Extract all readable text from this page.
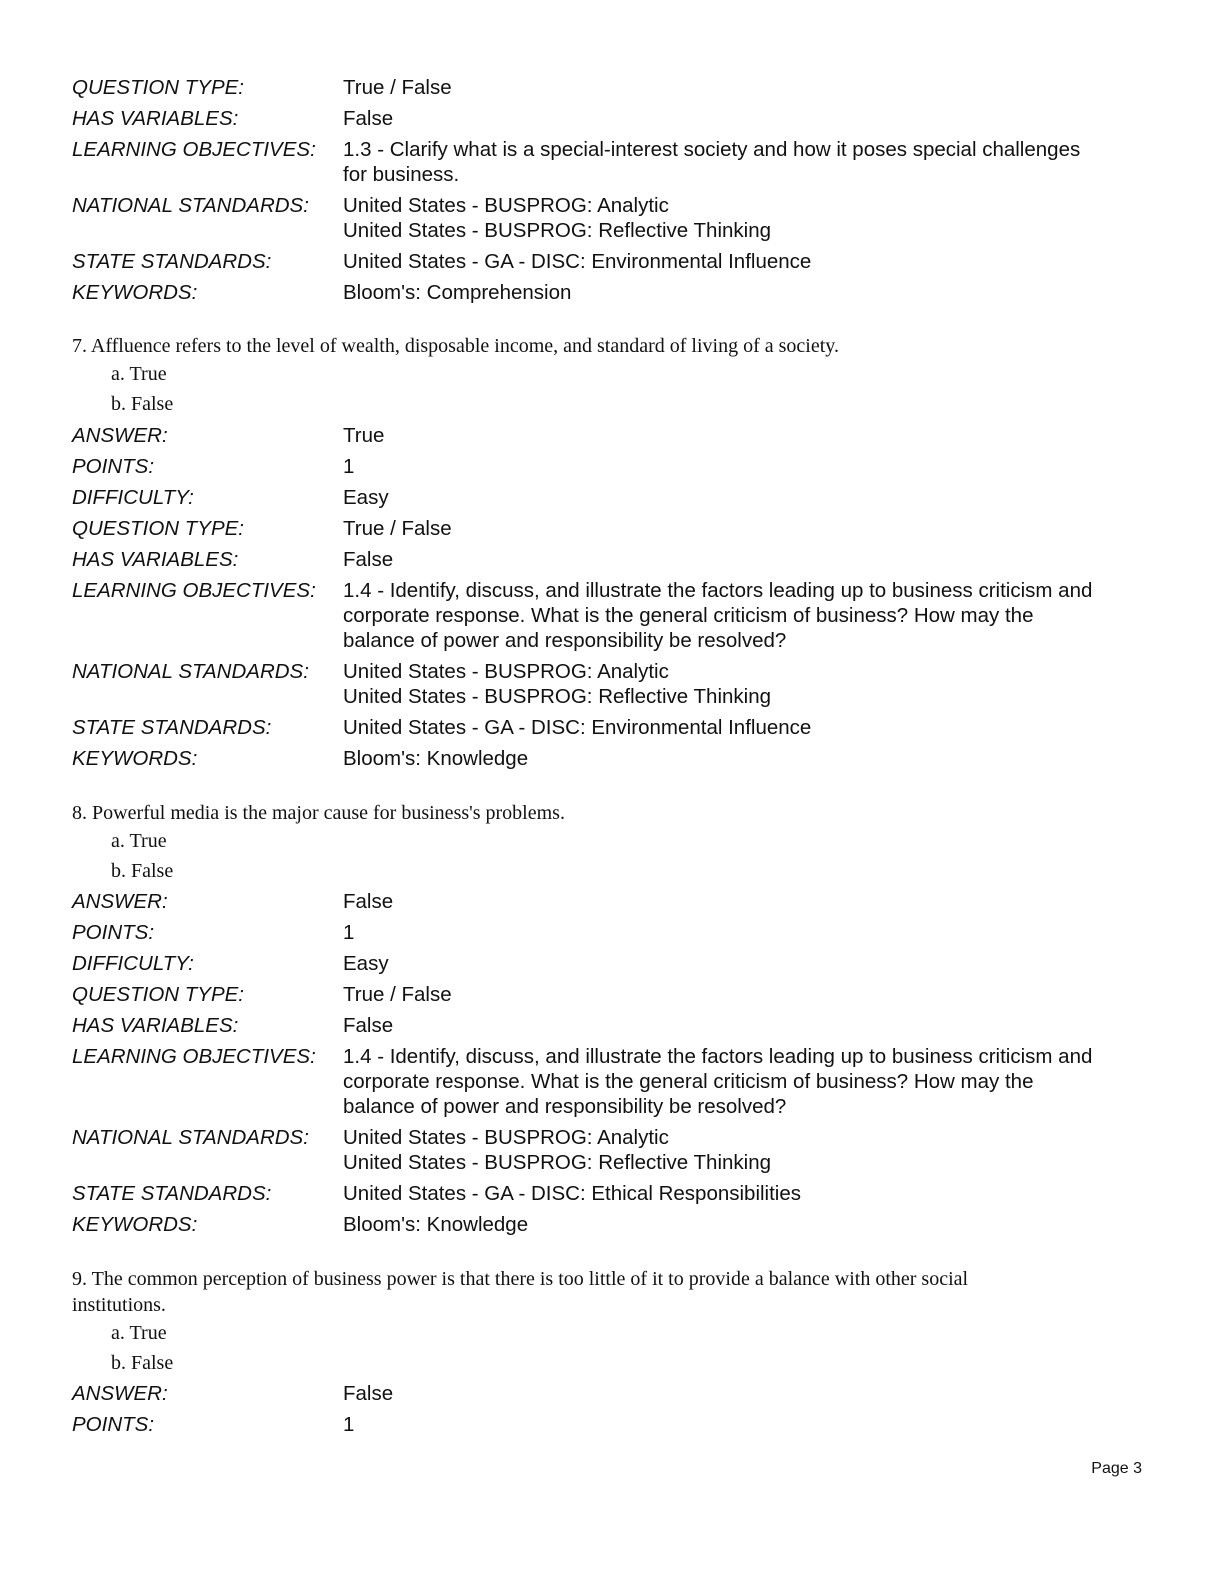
QUESTION TYPE:	True / False
HAS VARIABLES:	False
LEARNING OBJECTIVES:	1.3 - Clarify what is a special-interest society and how it poses special challenges
for business.
NATIONAL STANDARDS:	United States - BUSPROG: Analytic
United States - BUSPROG: Reflective Thinking
STATE STANDARDS:	United States - GA - DISC: Environmental Influence
KEYWORDS:	Bloom's: Comprehension
7. Affluence refers to the level of wealth, disposable income, and standard of living of a society.
a. True
b. False
ANSWER:	True
POINTS:	1
DIFFICULTY:	Easy
QUESTION TYPE:	True / False
HAS VARIABLES:	False
LEARNING OBJECTIVES:	1.4 - Identify, discuss, and illustrate the factors leading up to business criticism and
corporate response. What is the general criticism of business? How may the
balance of power and responsibility be resolved?
NATIONAL STANDARDS:	United States - BUSPROG: Analytic
United States - BUSPROG: Reflective Thinking
STATE STANDARDS:	United States - GA - DISC: Environmental Influence
KEYWORDS:	Bloom's: Knowledge
8. Powerful media is the major cause for business's problems.
a. True
b. False
ANSWER:	False
POINTS:	1
DIFFICULTY:	Easy
QUESTION TYPE:	True / False
HAS VARIABLES:	False
LEARNING OBJECTIVES:	1.4 - Identify, discuss, and illustrate the factors leading up to business criticism and
corporate response. What is the general criticism of business? How may the
balance of power and responsibility be resolved?
NATIONAL STANDARDS:	United States - BUSPROG: Analytic
United States - BUSPROG: Reflective Thinking
STATE STANDARDS:	United States - GA - DISC: Ethical Responsibilities
KEYWORDS:	Bloom's: Knowledge
9. The common perception of business power is that there is too little of it to provide a balance with other social
institutions.
a. True
b. False
ANSWER:	False
POINTS:	1
Page 3
